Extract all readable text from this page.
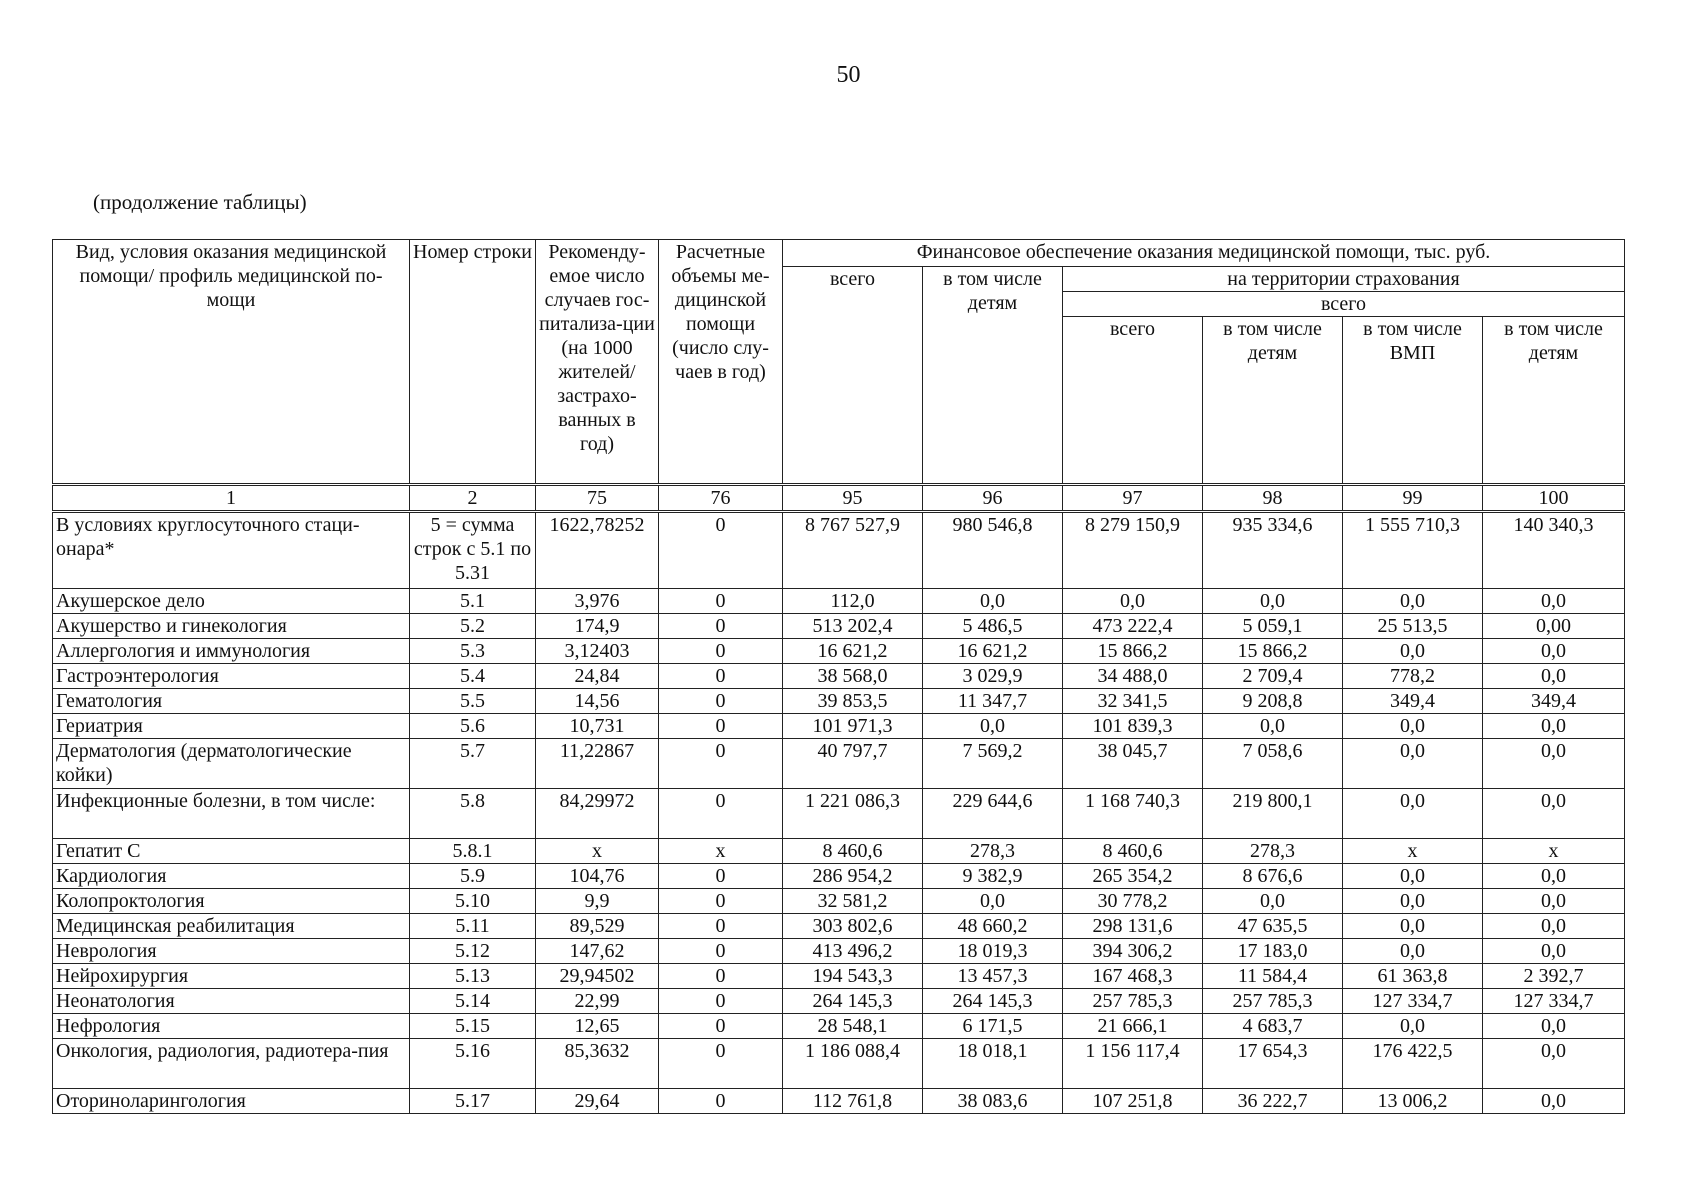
50
(продолжение таблицы)
Вид, условия оказания медицинской помощи/ профиль медицинской по-мощи	Номер строки	Рекоменду-емое число случаев гос-питализа-ции (на 1000 жителей/ застрахо-ванных в год)	Расчетные объемы ме-дицинской помощи (число слу-чаев в год)	Финансовое обеспечение оказания медицинской помощи, тыс. руб.					
				всего	в том числе детям	на территории страхования			
						всего			
						всего	в том числе детям	в том числе ВМП	в том числе детям
1	2	75	76	95	96	97	98	99	100
В условиях круглосуточного стаци-онара*	5 = сумма строк с 5.1 по 5.31	1622,78252	0	8 767 527,9	980 546,8	8 279 150,9	935 334,6	1 555 710,3	140 340,3
Акушерское дело	5.1	3,976	0	112,0	0,0	0,0	0,0	0,0	0,0
Акушерство и гинекология	5.2	174,9	0	513 202,4	5 486,5	473 222,4	5 059,1	25 513,5	0,00
Аллергология и иммунология	5.3	3,12403	0	16 621,2	16 621,2	15 866,2	15 866,2	0,0	0,0
Гастроэнтерология	5.4	24,84	0	38 568,0	3 029,9	34 488,0	2 709,4	778,2	0,0
Гематология	5.5	14,56	0	39 853,5	11 347,7	32 341,5	9 208,8	349,4	349,4
Гериатрия	5.6	10,731	0	101 971,3	0,0	101 839,3	0,0	0,0	0,0
Дерматология (дерматологические койки)	5.7	11,22867	0	40 797,7	7 569,2	38 045,7	7 058,6	0,0	0,0
Инфекционные болезни, в том числе:	5.8	84,29972	0	1 221 086,3	229 644,6	1 168 740,3	219 800,1	0,0	0,0
Гепатит С	5.8.1	х	х	8 460,6	278,3	8 460,6	278,3	х	х
Кардиология	5.9	104,76	0	286 954,2	9 382,9	265 354,2	8 676,6	0,0	0,0
Колопроктология	5.10	9,9	0	32 581,2	0,0	30 778,2	0,0	0,0	0,0
Медицинская реабилитация	5.11	89,529	0	303 802,6	48 660,2	298 131,6	47 635,5	0,0	0,0
Неврология	5.12	147,62	0	413 496,2	18 019,3	394 306,2	17 183,0	0,0	0,0
Нейрохирургия	5.13	29,94502	0	194 543,3	13 457,3	167 468,3	11 584,4	61 363,8	2 392,7
Неонатология	5.14	22,99	0	264 145,3	264 145,3	257 785,3	257 785,3	127 334,7	127 334,7
Нефрология	5.15	12,65	0	28 548,1	6 171,5	21 666,1	4 683,7	0,0	0,0
Онкология, радиология, радиотера-пия	5.16	85,3632	0	1 186 088,4	18 018,1	1 156 117,4	17 654,3	176 422,5	0,0
Оториноларингология	5.17	29,64	0	112 761,8	38 083,6	107 251,8	36 222,7	13 006,2	0,0
